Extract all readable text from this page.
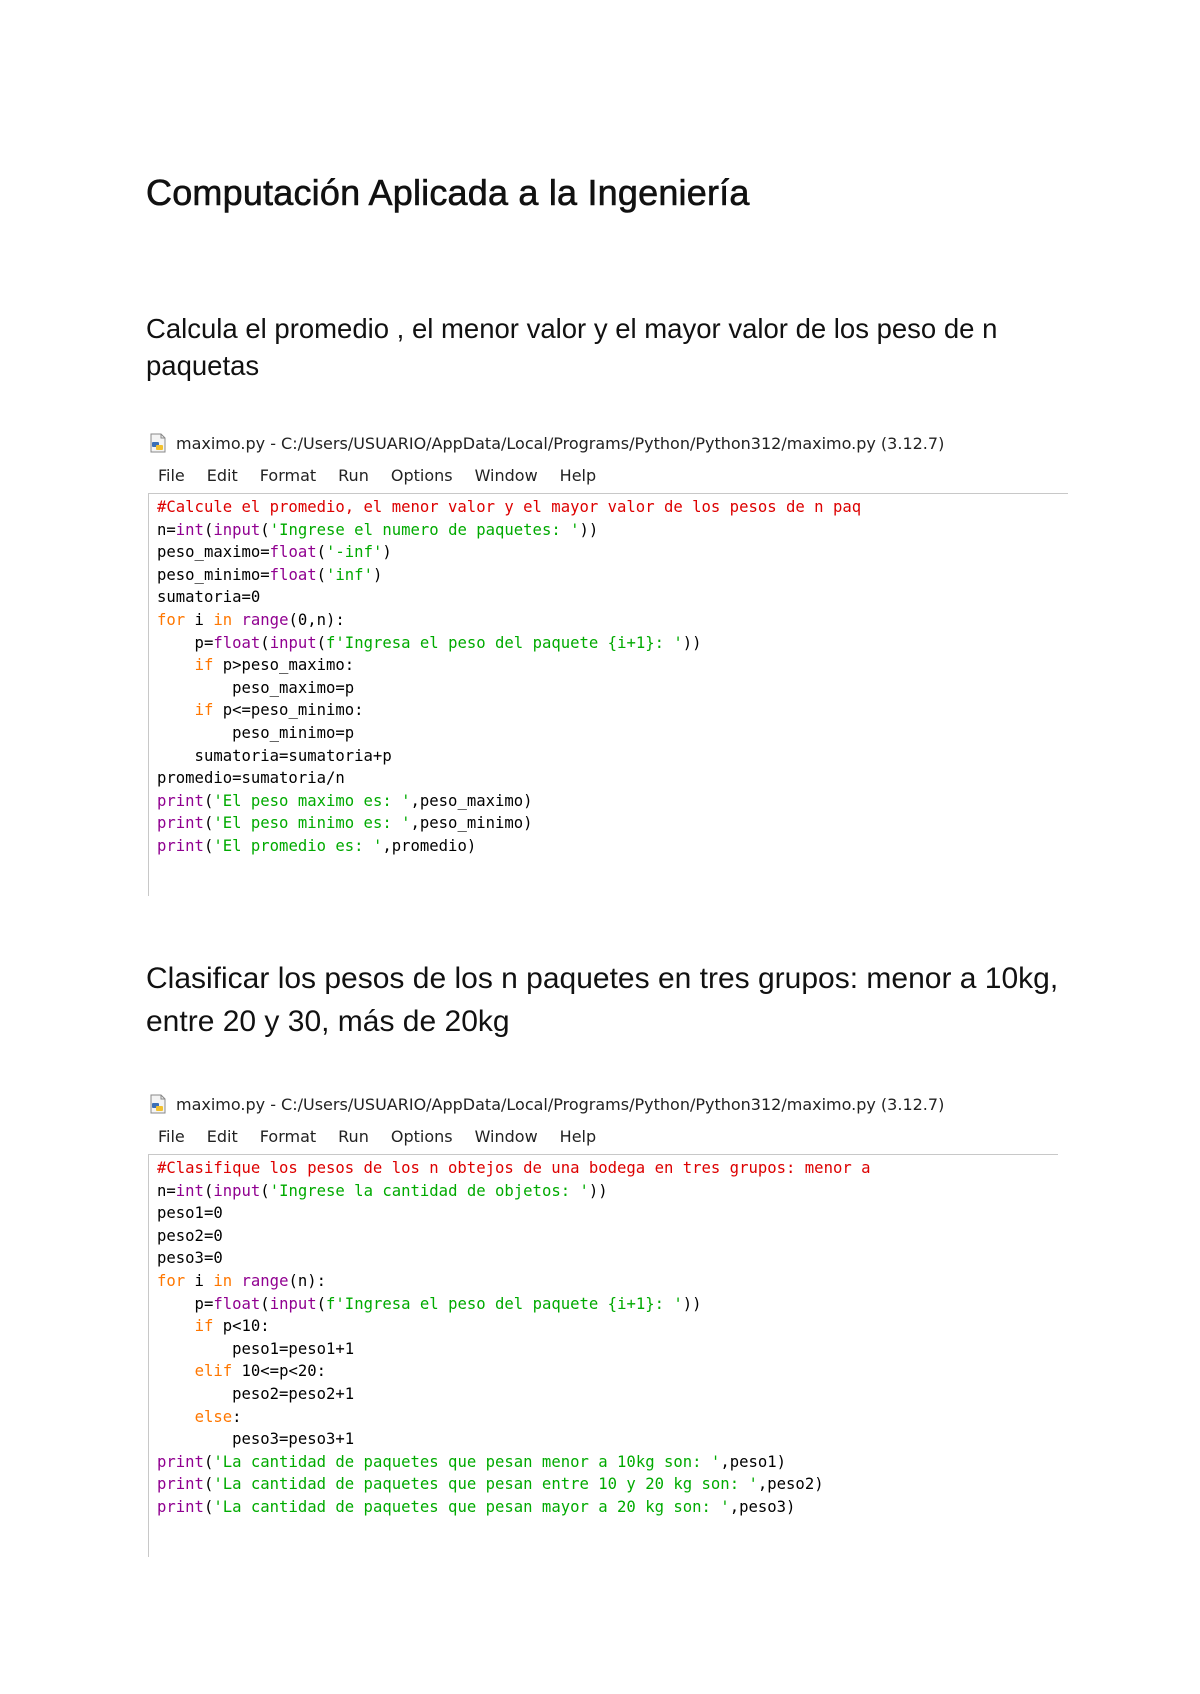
Computación Aplicada a la Ingeniería
Calcula el promedio , el menor valor y el mayor valor de los peso de n paquetas
maximo.py - C:/Users/USUARIO/AppData/Local/Programs/Python/Python312/maximo.py (3.12.7)
File Edit Format Run Options Window Help
#Calcule el promedio, el menor valor y el mayor valor de los pesos de n paq
n=int(input('Ingrese el numero de paquetes: '))
peso_maximo=float('-inf')
peso_minimo=float('inf')
sumatoria=0
for i in range(0,n):
p=float(input(f'Ingresa el peso del paquete {i+1}: '))
if p>peso_maximo:
peso_maximo=p
if p<=peso_minimo:
peso_minimo=p
sumatoria=sumatoria+p
promedio=sumatoria/n
print('El peso maximo es: ',peso_maximo)
print('El peso minimo es: ',peso_minimo)
print('El promedio es: ',promedio)
Clasificar los pesos de los n paquetes en tres grupos: menor a 10kg, entre 20 y 30, más de 20kg
maximo.py - C:/Users/USUARIO/AppData/Local/Programs/Python/Python312/maximo.py (3.12.7)
File Edit Format Run Options Window Help
#Clasifique los pesos de los n obtejos de una bodega en tres grupos: menor a
n=int(input('Ingrese la cantidad de objetos: '))
peso1=0
peso2=0
peso3=0
for i in range(n):
p=float(input(f'Ingresa el peso del paquete {i+1}: '))
if p<10:
peso1=peso1+1
elif 10<=p<20:
peso2=peso2+1
else:
peso3=peso3+1
print('La cantidad de paquetes que pesan menor a 10kg son: ',peso1)
print('La cantidad de paquetes que pesan entre 10 y 20 kg son: ',peso2)
print('La cantidad de paquetes que pesan mayor a 20 kg son: ',peso3)
